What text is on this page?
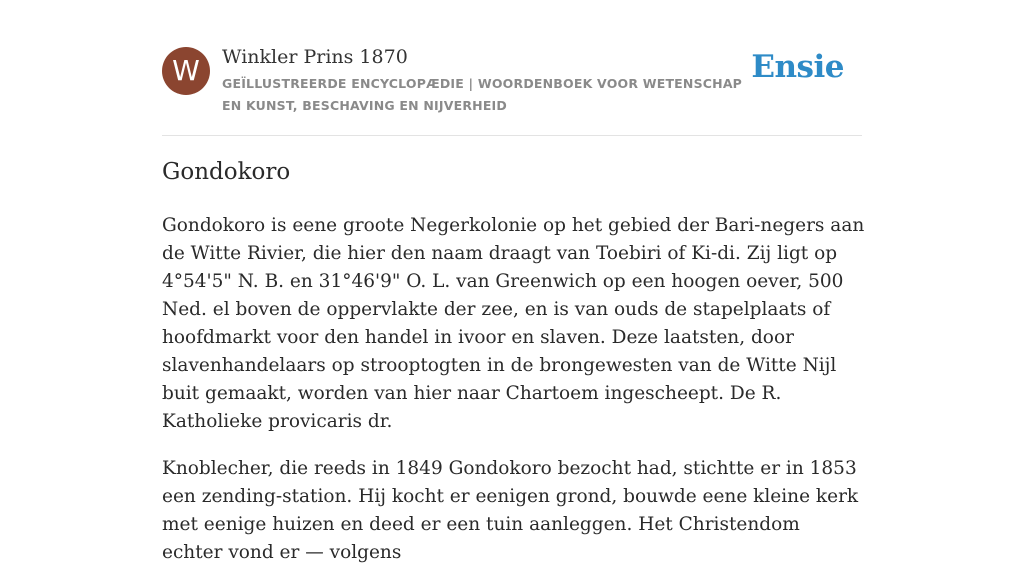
W	Winkler Prins 1870
GEÏLLUSTREERDE ENCYCLOPÆDIE | WOORDENBOEK VOOR WETENSCHAP EN KUNST, BESCHAVING EN NIJVERHEID
Ensie
Gondokoro

Gondokoro is eene groote Negerkolonie op het gebied der Bari-negers aan de Witte Rivier, die hier den naam draagt van Toebiri of Ki-di. Zij ligt op 4°54'5" N. B. en 31°46'9" O. L. van Greenwich op een hoogen oever, 500 Ned. el boven de oppervlakte der zee, en is van ouds de stapelplaats of hoofdmarkt voor den handel in ivoor en slaven. Deze laatsten, door slavenhandelaars op strooptogten in de brongewesten van de Witte Nijl buit gemaakt, worden van hier naar Chartoem ingescheept. De R. Katholieke provicaris dr.

Knoblecher, die reeds in 1849 Gondokoro bezocht had, stichtte er in 1853 een zending-station. Hij kocht er eenigen grond, bouwde eene kleine kerk met eenige huizen en deed er een tuin aanleggen. Het Christendom echter vond er — volgens
